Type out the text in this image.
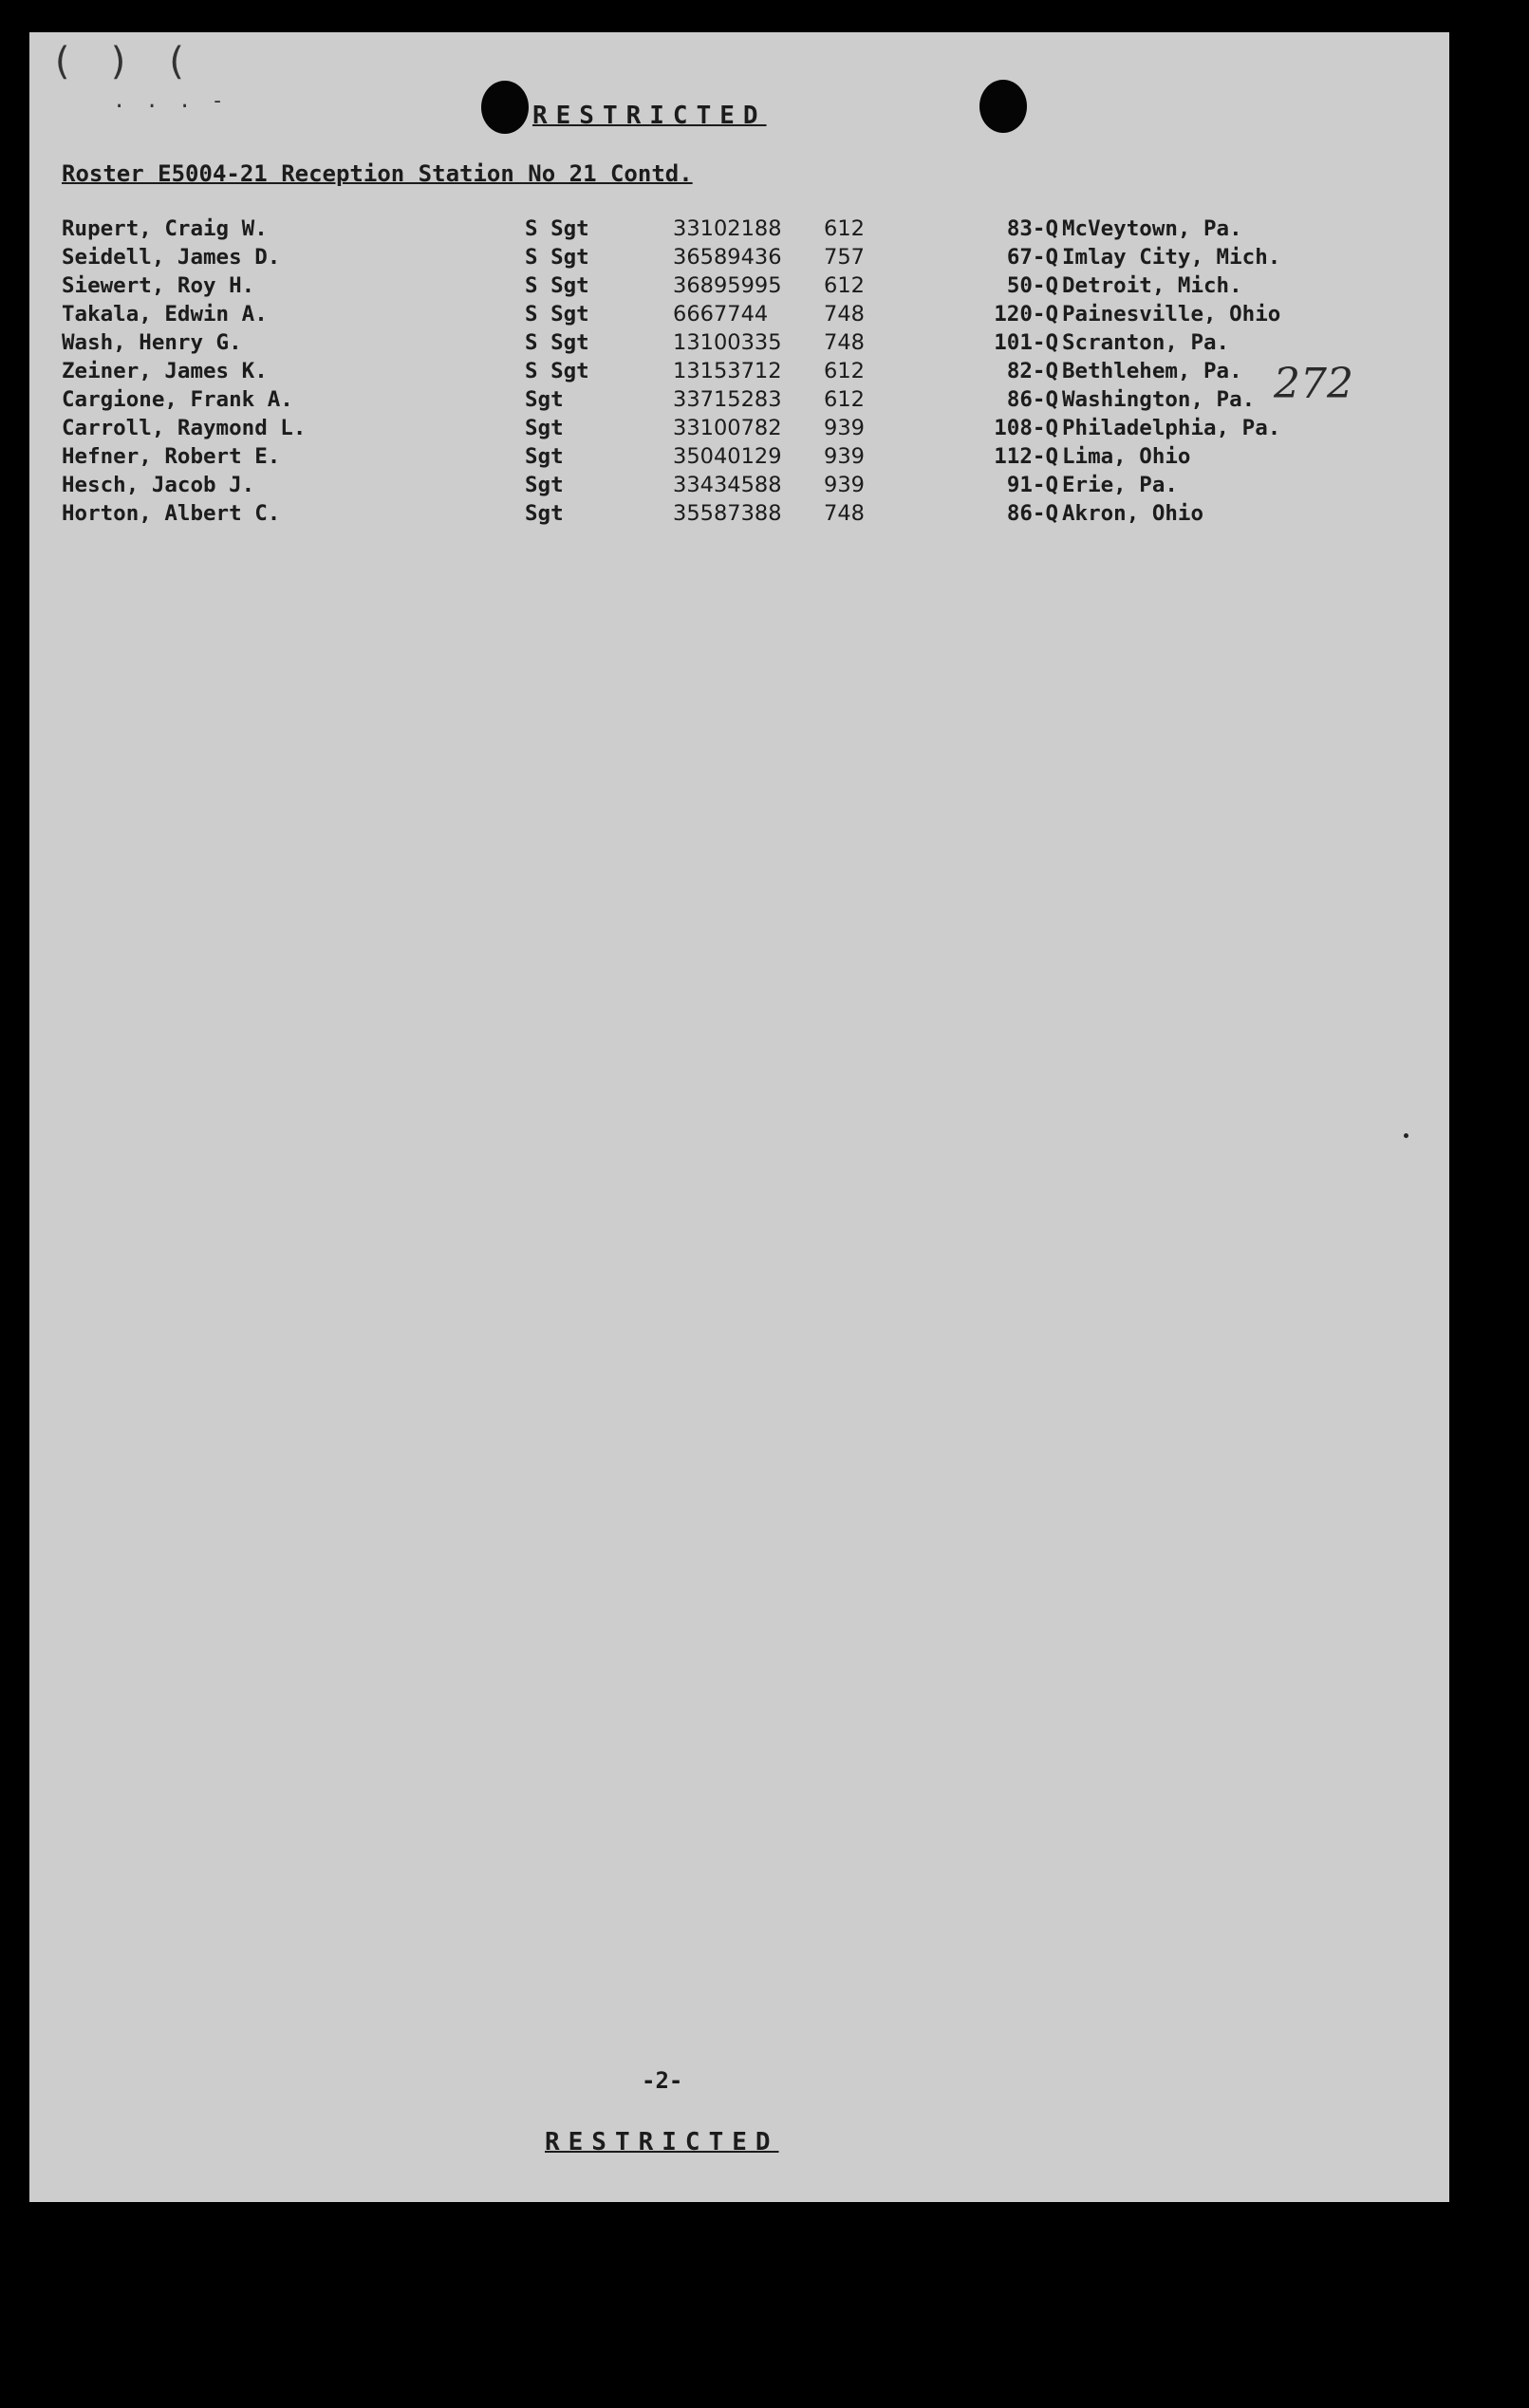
( ) (
. . . -
RESTRICTED
Roster E5004-21 Reception Station No 21 Contd.
Rupert, Craig W.	S Sgt	33102188 612	83-Q McVeytown, Pa.
Seidell, James D.	S Sgt	36589436 757	67-Q Imlay City, Mich.
Siewert, Roy H.	S Sgt	36895995 612	50-Q Detroit, Mich.
Takala, Edwin A.	S Sgt	6667744	748	120-Q Painesville, Ohio
Wash, Henry G.	S Sgt	13100335 748	101-Q Scranton, Pa.
Zeiner, James K.	S Sgt	13153712 612	82-Q Bethlehem, Pa.
Cargione, Frank A.	Sgt	33715283 612	86-Q Washington, Pa.
Carroll, Raymond L.	Sgt	33100782 939	108-Q Philadelphia, Pa.
Hefner, Robert E.	Sgt	35040129 939	112-Q Lima, Ohio
Hesch, Jacob J.	Sgt	33434588 939	91-Q Erie, Pa.
Horton, Albert C.	Sgt	35587388 748	86-Q Akron, Ohio
272
-2-
RESTRICTED
